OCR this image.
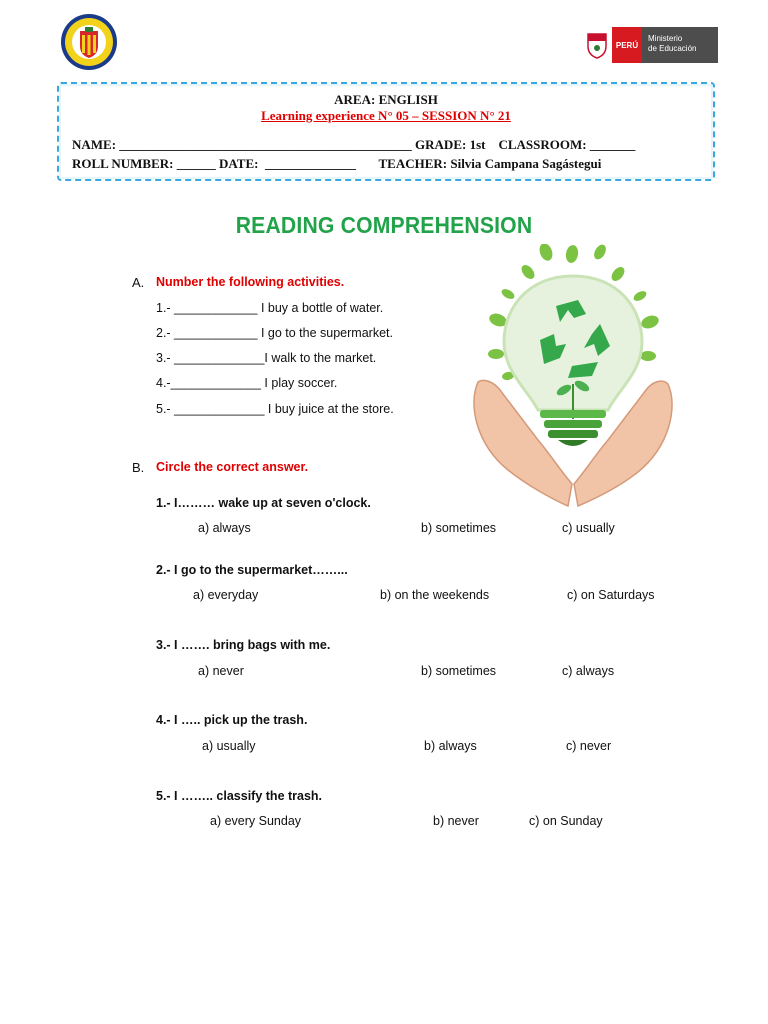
PERÚ
Ministerio
de Educación
AREA: ENGLISH
Learning experience N° 05 – SESSION N° 21
NAME: _____________________________________________ GRADE: 1st    CLASSROOM: _______
ROLL NUMBER: ______ DATE:  ______________       TEACHER: Silvia Campana Sagástegui
READING COMPREHENSION
A. Number the following activities.
1.- ____________ I buy a bottle of water.
2.- ____________ I go to the supermarket.
3.- _____________I walk to the market.
4.-_____________ I play soccer.
5.- _____________ I buy juice at the store.
B. Circle the correct answer.
1.- I……… wake up at seven o'clock.
a) always	b) sometimes	c) usually
2.- I go to the supermarket……...
a) everyday	b) on the weekends	c) on Saturdays
3.- I ……. bring bags with me.
a) never	b) sometimes	c) always
4.- I ….. pick up the trash.
a) usually	b) always	c) never
5.- I …….. classify the trash.
a) every Sunday	b) never	c) on Sunday
